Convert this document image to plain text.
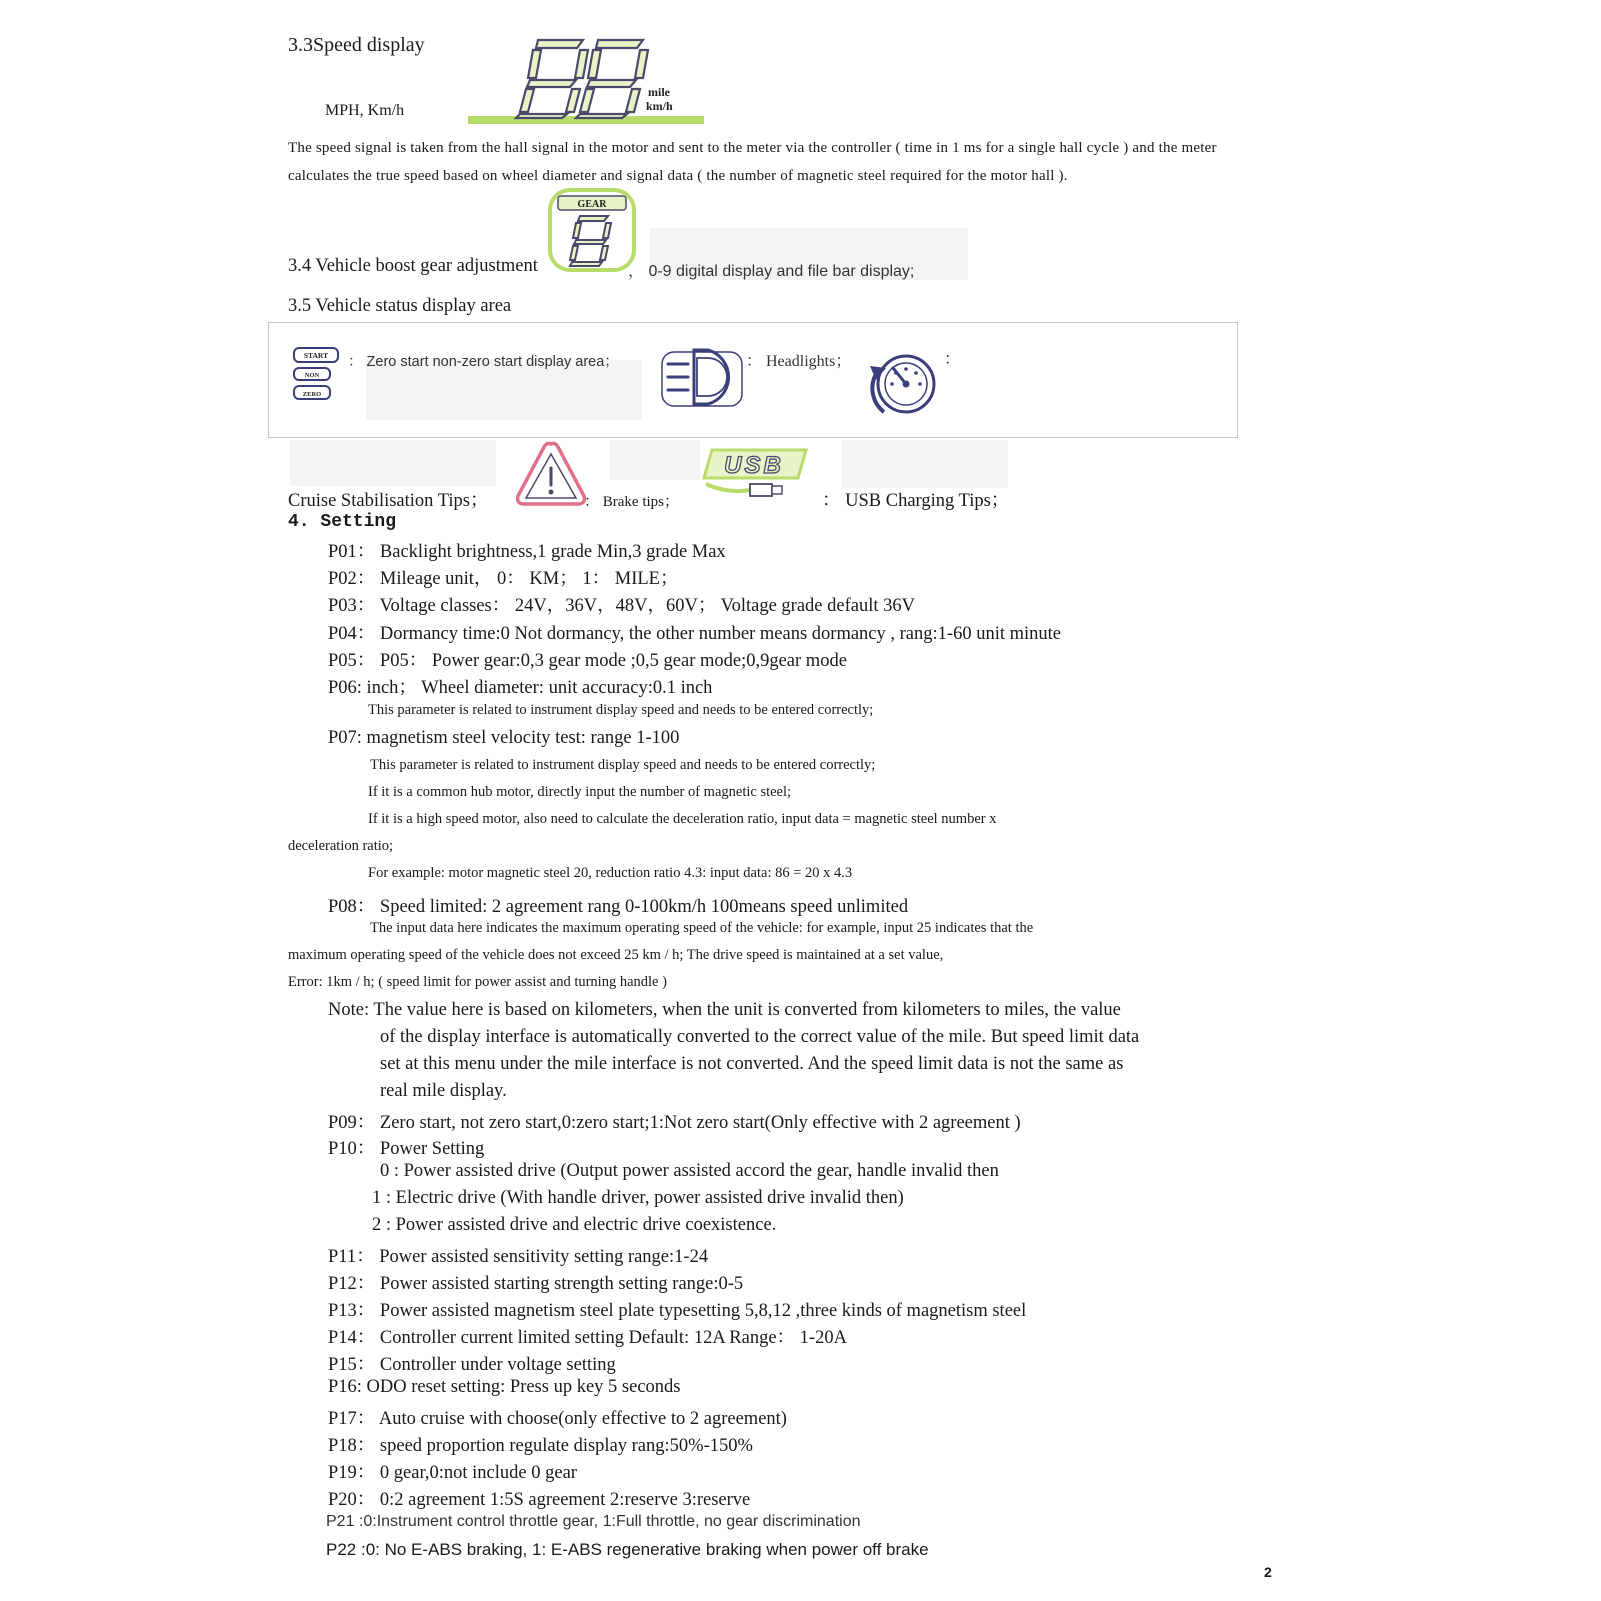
3.3Speed display
MPH, Km/h
mile
km/h
The speed signal is taken from the hall signal in the motor and sent to the meter via the controller ( time in 1 ms for a single hall cycle ) and the meter calculates the true speed based on wheel diameter and signal data ( the number of magnetic steel required for the motor hall ).
3.4 Vehicle boost gear adjustment
GEAR
， 0-9 digital display and file bar display;
3.5 Vehicle status display area
START
NON
ZERO
： Zero start non-zero start display area；	： Headlights；	：
Cruise Stabilisation Tips；	： Brake tips；
USB
： USB Charging Tips；
4. Setting
P01： Backlight brightness,1 grade Min,3 grade Max
P02： Mileage unit， 0： KM； 1： MILE；
P03： Voltage classes： 24V，36V，48V，60V； Voltage grade default 36V
P04： Dormancy time:0 Not dormancy, the other number means dormancy , rang:1-60 unit minute
P05： P05： Power gear:0,3 gear mode ;0,5 gear mode;0,9gear mode
P06: inch； Wheel diameter: unit accuracy:0.1 inch
This parameter is related to instrument display speed and needs to be entered correctly;
P07: magnetism steel velocity test: range 1-100
This parameter is related to instrument display speed and needs to be entered correctly;
If it is a common hub motor, directly input the number of magnetic steel;
If it is a high speed motor, also need to calculate the deceleration ratio, input data = magnetic steel number x
deceleration ratio;
For example: motor magnetic steel 20, reduction ratio 4.3: input data: 86 = 20 x 4.3
P08： Speed limited: 2 agreement rang 0-100km/h 100means speed unlimited
The input data here indicates the maximum operating speed of the vehicle: for example, input 25 indicates that the
maximum operating speed of the vehicle does not exceed 25 km / h; The drive speed is maintained at a set value,
Error: 1km / h; ( speed limit for power assist and turning handle )
Note: The value here is based on kilometers, when the unit is converted from kilometers to miles, the value
of the display interface is automatically converted to the correct value of the mile. But speed limit data
set at this menu under the mile interface is not converted. And the speed limit data is not the same as
real mile display.
P09： Zero start, not zero start,0:zero start;1:Not zero start(Only effective with 2 agreement )
P10： Power Setting
0 : Power assisted drive (Output power assisted accord the gear, handle invalid then
1 : Electric drive (With handle driver, power assisted drive invalid then)
2 : Power assisted drive and electric drive coexistence.
P11： Power assisted sensitivity setting range:1-24
P12： Power assisted starting strength setting range:0-5
P13： Power assisted magnetism steel plate typesetting 5,8,12 ,three kinds of magnetism steel
P14： Controller current limited setting Default: 12A Range： 1-20A
P15： Controller under voltage setting
P16: ODO reset setting: Press up key 5 seconds
P17： Auto cruise with choose(only effective to 2 agreement)
P18： speed proportion regulate display rang:50%-150%
P19： 0 gear,0:not include 0 gear
P20： 0:2 agreement 1:5S agreement 2:reserve 3:reserve
P21 :0:Instrument control throttle gear, 1:Full throttle, no gear discrimination
P22 :0: No E-ABS braking, 1: E-ABS regenerative braking when power off brake
2
